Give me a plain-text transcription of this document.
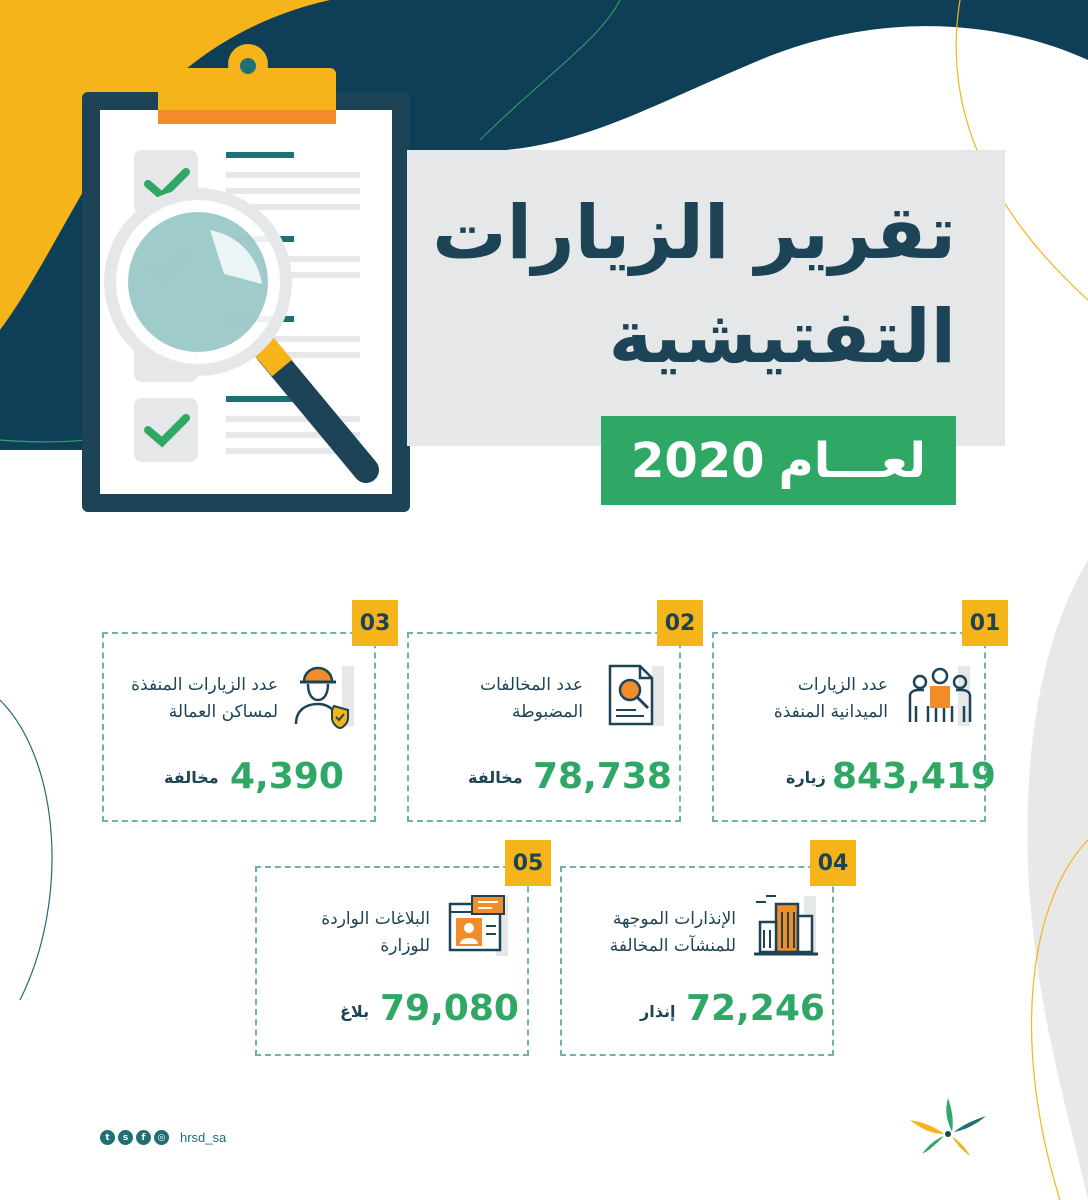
تقرير الزيارات
التفتيشية
لعـــام
2020
01
عدد الزيارات
الميدانية المنفذة
843,419
زيارة
02
عدد المخالفات
المضبوطة
78,738
مخالفة
03
عدد الزيارات المنفذة
لمساكن العمالة
4,390
مخالفة
04
الإنذارات الموجهة
للمنشآت المخالفة
72,246
إنذار
05
البلاغات الواردة
للوزارة
79,080
بلاغ
t	s	f	◎ hrsd_sa
